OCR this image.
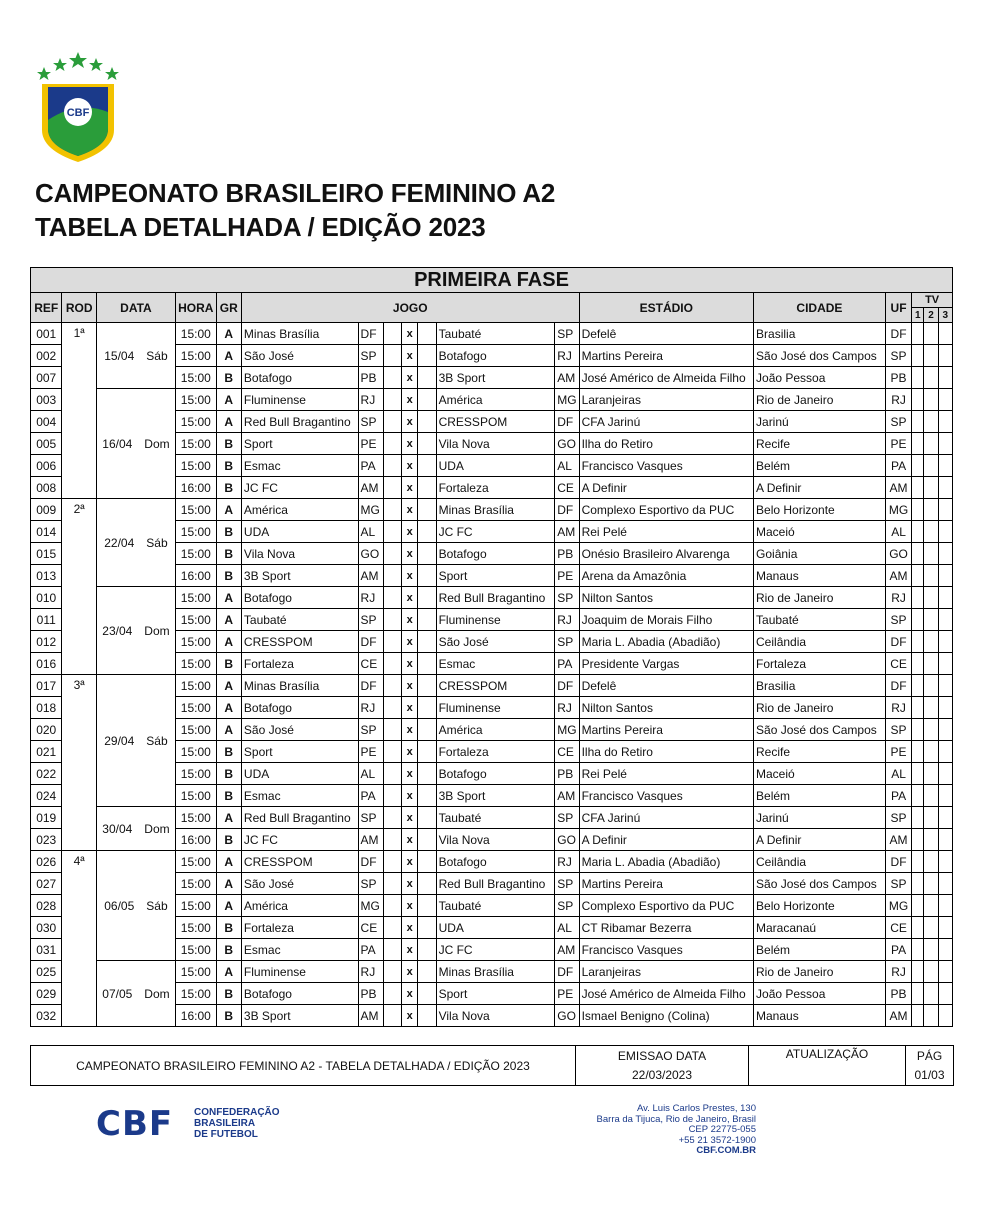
CBF
CAMPEONATO BRASILEIRO FEMININO A2
TABELA DETALHADA / EDIÇÃO 2023
PRIMEIRA FASE																	
REF	ROD	DATA	HORA	GR	JOGO							ESTÁDIO	CIDADE	UF	TV		
															1	2	3
001	1ª	15/04 Sáb	15:00	A	Minas Brasília	DF		x		Taubaté	SP	Defelê	Brasilia	DF			
002			15:00	A	São José	SP		x		Botafogo	RJ	Martins Pereira	São José dos Campos	SP			
007			15:00	B	Botafogo	PB		x		3B Sport	AM	José Américo de Almeida Filho	João Pessoa	PB			
003		16/04 Dom	15:00	A	Fluminense	RJ		x		América	MG	Laranjeiras	Rio de Janeiro	RJ			
004			15:00	A	Red Bull Bragantino	SP		x		CRESSPOM	DF	CFA Jarinú	Jarinú	SP			
005			15:00	B	Sport	PE		x		Vila Nova	GO	Ilha do Retiro	Recife	PE			
006			15:00	B	Esmac	PA		x		UDA	AL	Francisco Vasques	Belém	PA			
008			16:00	B	JC FC	AM		x		Fortaleza	CE	A Definir	A Definir	AM			
009	2ª	22/04 Sáb	15:00	A	América	MG		x		Minas Brasília	DF	Complexo Esportivo da PUC	Belo Horizonte	MG			
014			15:00	B	UDA	AL		x		JC FC	AM	Rei Pelé	Maceió	AL			
015			15:00	B	Vila Nova	GO		x		Botafogo	PB	Onésio Brasileiro Alvarenga	Goiânia	GO			
013			16:00	B	3B Sport	AM		x		Sport	PE	Arena da Amazônia	Manaus	AM			
010		23/04 Dom	15:00	A	Botafogo	RJ		x		Red Bull Bragantino	SP	Nilton Santos	Rio de Janeiro	RJ			
011			15:00	A	Taubaté	SP		x		Fluminense	RJ	Joaquim de Morais Filho	Taubaté	SP			
012			15:00	A	CRESSPOM	DF		x		São José	SP	Maria L. Abadia (Abadião)	Ceilândia	DF			
016			15:00	B	Fortaleza	CE		x		Esmac	PA	Presidente Vargas	Fortaleza	CE			
017	3ª	29/04 Sáb	15:00	A	Minas Brasília	DF		x		CRESSPOM	DF	Defelê	Brasilia	DF			
018			15:00	A	Botafogo	RJ		x		Fluminense	RJ	Nilton Santos	Rio de Janeiro	RJ			
020			15:00	A	São José	SP		x		América	MG	Martins Pereira	São José dos Campos	SP			
021			15:00	B	Sport	PE		x		Fortaleza	CE	Ilha do Retiro	Recife	PE			
022			15:00	B	UDA	AL		x		Botafogo	PB	Rei Pelé	Maceió	AL			
024			15:00	B	Esmac	PA		x		3B Sport	AM	Francisco Vasques	Belém	PA			
019		30/04 Dom	15:00	A	Red Bull Bragantino	SP		x		Taubaté	SP	CFA Jarinú	Jarinú	SP			
023			16:00	B	JC FC	AM		x		Vila Nova	GO	A Definir	A Definir	AM			
026	4ª	06/05 Sáb	15:00	A	CRESSPOM	DF		x		Botafogo	RJ	Maria L. Abadia (Abadião)	Ceilândia	DF			
027			15:00	A	São José	SP		x		Red Bull Bragantino	SP	Martins Pereira	São José dos Campos	SP			
028			15:00	A	América	MG		x		Taubaté	SP	Complexo Esportivo da PUC	Belo Horizonte	MG			
030			15:00	B	Fortaleza	CE		x		UDA	AL	CT Ribamar Bezerra	Maracanaú	CE			
031			15:00	B	Esmac	PA		x		JC FC	AM	Francisco Vasques	Belém	PA			
025		07/05 Dom	15:00	A	Fluminense	RJ		x		Minas Brasília	DF	Laranjeiras	Rio de Janeiro	RJ			
029			15:00	B	Botafogo	PB		x		Sport	PE	José Américo de Almeida Filho	João Pessoa	PB			
032			16:00	B	3B Sport	AM		x		Vila Nova	GO	Ismael Benigno (Colina)	Manaus	AM			
CAMPEONATO BRASILEIRO FEMININO A2 - TABELA DETALHADA / EDIÇÃO 2023	EMISSAO DATA	ATUALIZAÇÃO	PÁG
	22/03/2023		01/03
CBF CONFEDERAÇÃO
BRASILEIRA
DE FUTEBOL
Av. Luis Carlos Prestes, 130
Barra da Tijuca, Rio de Janeiro, Brasil
CEP 22775-055
+55 21 3572-1900
CBF.COM.BR
